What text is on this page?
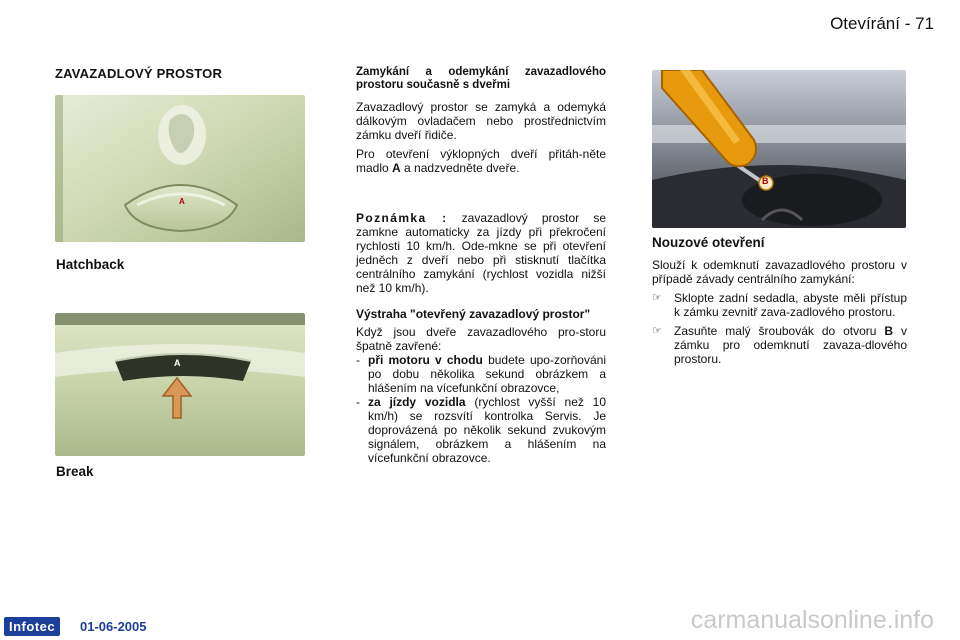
Otevírání - 71
ZAVAZADLOVÝ PROSTOR
A
Hatchback
A
Break
B

Zamykání a odemykání zavazadlového prostoru současně s dveřmi

Zavazadlový prostor se zamyká a odemyká dálkovým ovladačem nebo prostřednictvím zámku dveří řidiče.

Pro otevření výklopných dveří přitáh-něte madlo A a nadzvedněte dveře.

Poznámka : zavazadlový prostor se zamkne automaticky za jízdy při překročení rychlosti 10 km/h. Ode-mkne se při otevření jedněch z dveří nebo při stisknutí tlačítka centrálního zamykání (rychlost vozidla nižší než 10 km/h).

Výstraha "otevřený zavazadlový prostor"

Když jsou dveře zavazadlového pro-storu špatně zavřené:

- při motoru v chodu budete upo-zorňováni po dobu několika sekund obrázkem a hlášením na vícefunkční obrazovce,
- za jízdy vozidla (rychlost vyšší než 10 km/h) se rozsvítí kontrolka Servis. Je doprovázená po několik sekund zvukovým signálem, obrázkem a hlášením na vícefunkční obrazovce.

Nouzové otevření

Slouží k odemknutí zavazadlového prostoru v případě závady centrálního zamykání:

☞	Sklopte zadní sedadla, abyste měli přístup k zámku zevnitř zava-zadlového prostoru.
☞	Zasuňte malý šroubovák do otvoru B v zámku pro odemknutí zavaza-dlového prostoru.
Infotec	01-06-2005	carmanualsonline.info
